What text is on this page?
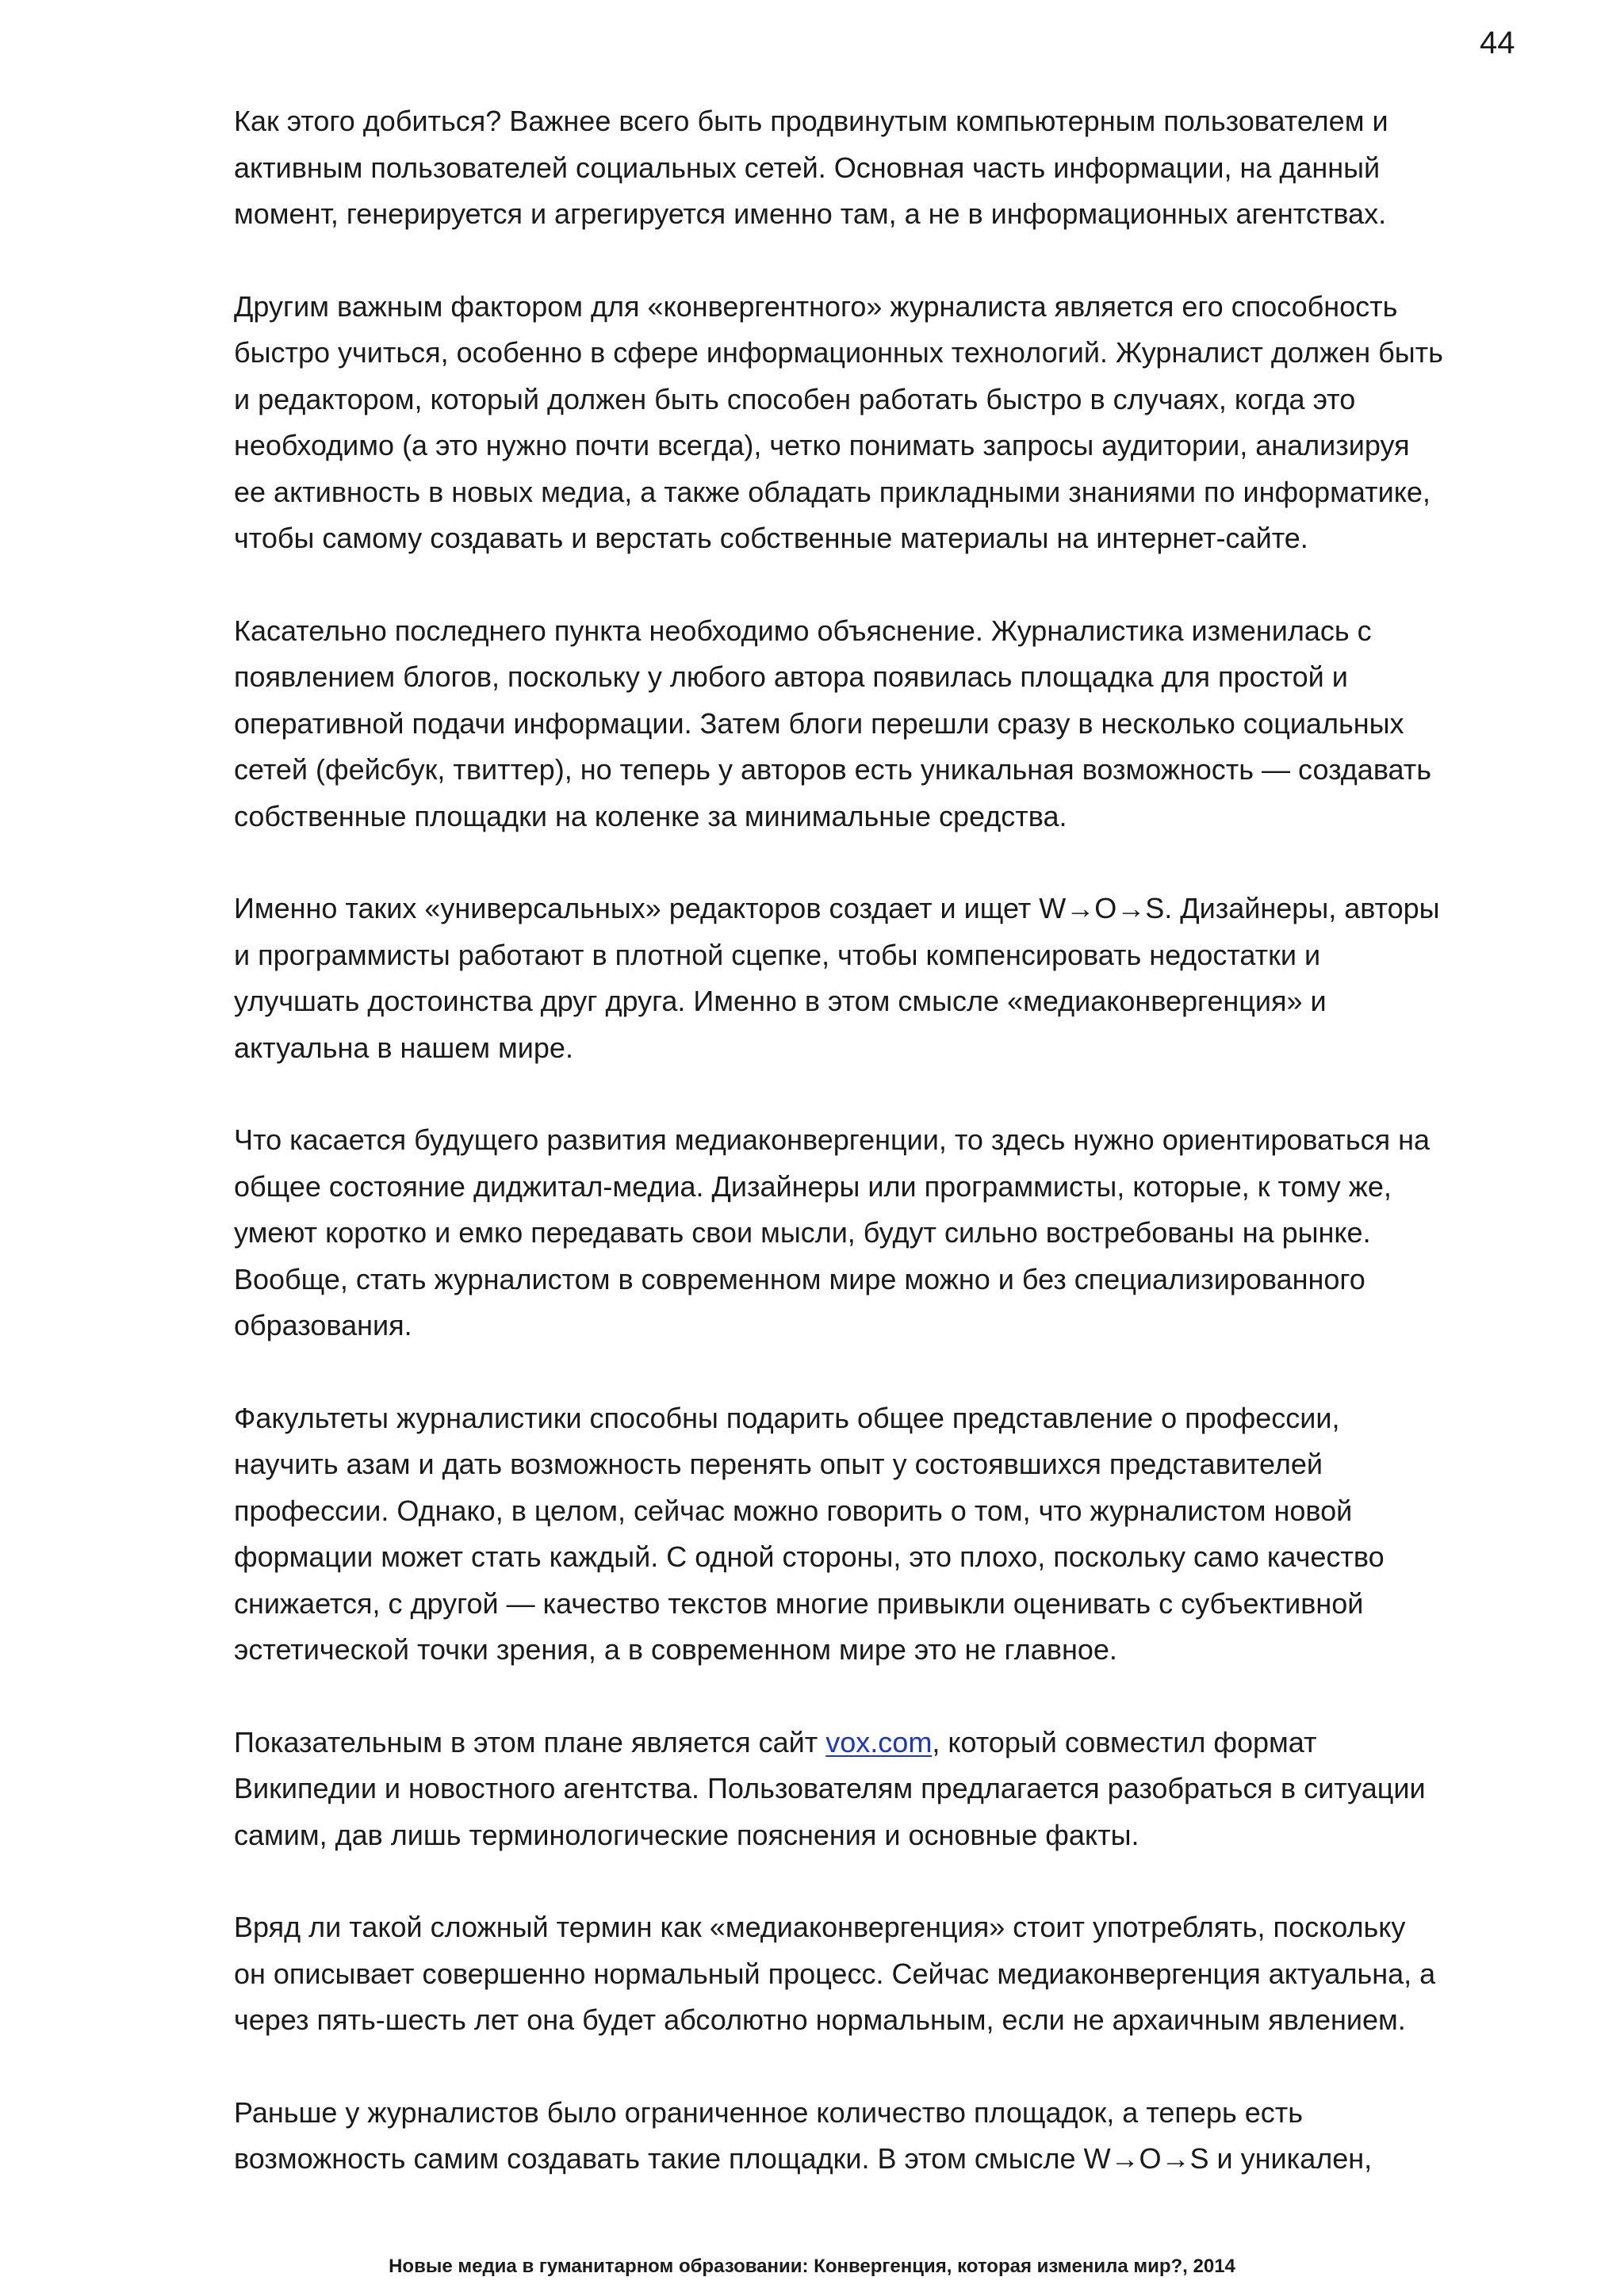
44
Как этого добиться? Важнее всего быть продвинутым компьютерным пользователем и
активным пользователей социальных сетей. Основная часть информации, на данный
момент, генерируется и агрегируется именно там, а не в информационных агентствах.
Другим важным фактором для «конвергентного» журналиста является его способность
быстро учиться, особенно в сфере информационных технологий. Журналист должен быть
и редактором, который должен быть способен работать быстро в случаях, когда это
необходимо (а это нужно почти всегда), четко понимать запросы аудитории, анализируя
ее активность в новых медиа, а также обладать прикладными знаниями по информатике,
чтобы самому создавать и верстать собственные материалы на интернет-сайте.
Касательно последнего пункта необходимо объяснение. Журналистика изменилась с
появлением блогов, поскольку у любого автора появилась площадка для простой и
оперативной подачи информации. Затем блоги перешли сразу в несколько социальных
сетей (фейсбук, твиттер), но теперь у авторов есть уникальная возможность — создавать
собственные площадки на коленке за минимальные средства.
Именно таких «универсальных» редакторов создает и ищет W→O→S. Дизайнеры, авторы
и программисты работают в плотной сцепке, чтобы компенсировать недостатки и
улучшать достоинства друг друга. Именно в этом смысле «медиаконвергенция» и
актуальна в нашем мире.
Что касается будущего развития медиаконвергенции, то здесь нужно ориентироваться на
общее состояние диджитал-медиа. Дизайнеры или программисты, которые, к тому же,
умеют коротко и емко передавать свои мысли, будут сильно востребованы на рынке.
Вообще, стать журналистом в современном мире можно и без специализированного
образования.
Факультеты журналистики способны подарить общее представление о профессии,
научить азам и дать возможность перенять опыт у состоявшихся представителей
профессии. Однако, в целом, сейчас можно говорить о том, что журналистом новой
формации может стать каждый. С одной стороны, это плохо, поскольку само качество
снижается, с другой — качество текстов многие привыкли оценивать с субъективной
эстетической точки зрения, а в современном мире это не главное.
Показательным в этом плане является сайт vox.com, который совместил формат
Википедии и новостного агентства. Пользователям предлагается разобраться в ситуации
самим, дав лишь терминологические пояснения и основные факты.
Вряд ли такой сложный термин как «медиаконвергенция» стоит употреблять, поскольку
он описывает совершенно нормальный процесс. Сейчас медиаконвергенция актуальна, а
через пять-шесть лет она будет абсолютно нормальным, если не архаичным явлением.
Раньше у журналистов было ограниченное количество площадок, а теперь есть
возможность самим создавать такие площадки. В этом смысле W→O→S и уникален,
Новые медиа в гуманитарном образовании: Конвергенция, которая изменила мир?, 2014
